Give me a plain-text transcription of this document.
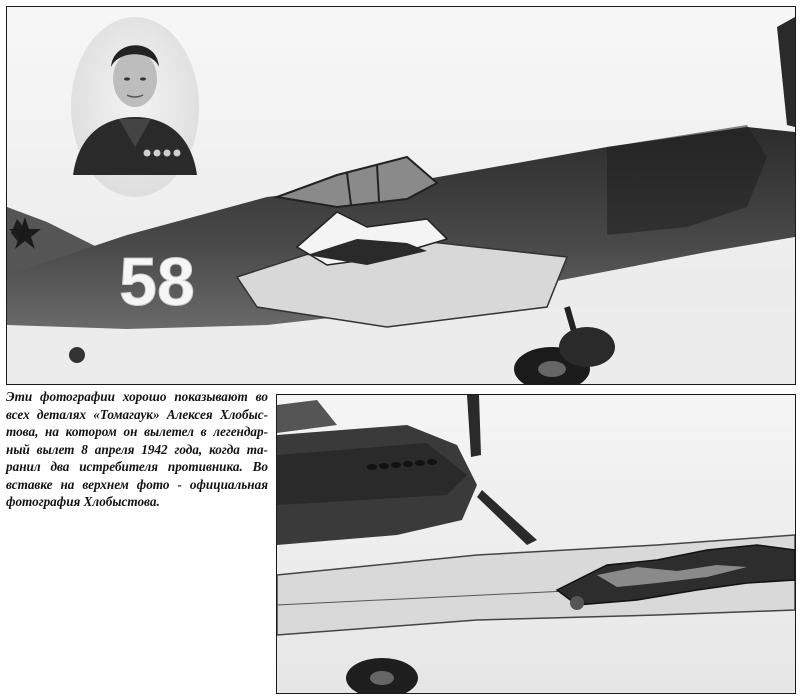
58

Эти фотографии хорошо показывают во
всех деталях «Томагаук» Алексея Хлобыс-
това, на котором он вылетел в легендар-
ный вылет 8 апреля 1942 года, когда та-
ранил два истребителя противника. Во
вставке на верхнем фото - официальная
фотография Хлобыстова.
